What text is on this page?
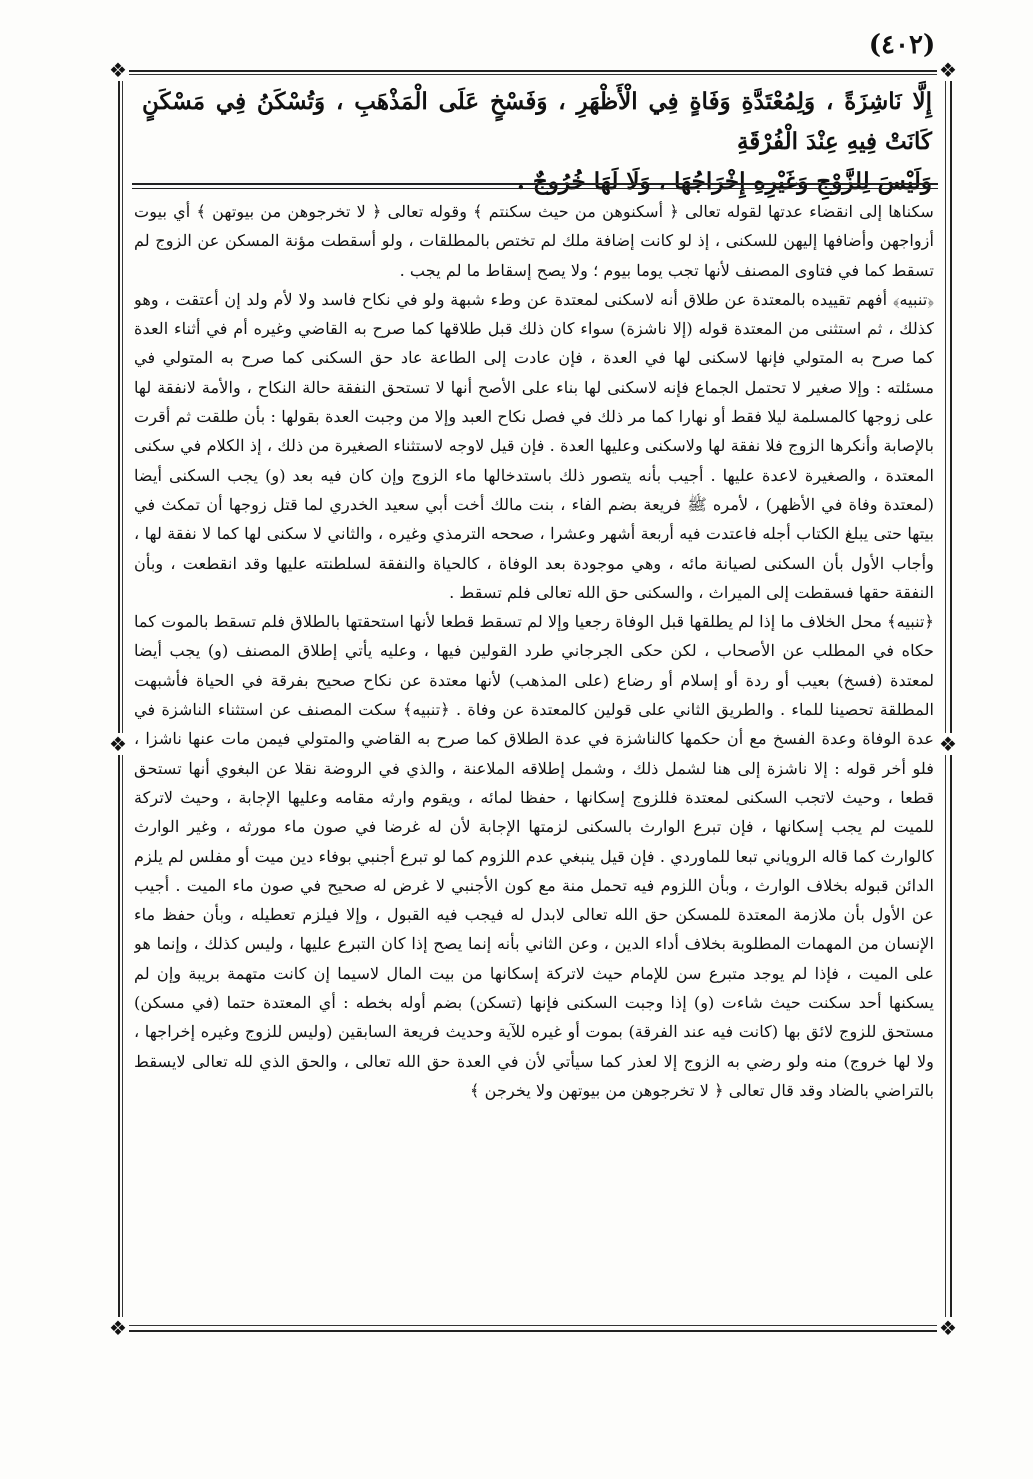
❖	❖
❖	❖
❖	❖
(٤٠٢)

إِلَّا نَاشِزَةً ، وَلِمُعْتَدَّةِ وَفَاةٍ فِي الْأَظْهَرِ ، وَفَسْخٍ عَلَى الْمَذْهَبِ ، وَتُسْكَنُ فِي مَسْكَنٍ كَانَتْ فِيهِ عِنْدَ الْفُرْقَةِ

وَلَيْسَ لِلزَّوْجِ وَغَيْرِهِ إِخْرَاجُهَا ، وَلَا لَهَا خُرُوجٌ .

سكناها إلى انقضاء عدتها لقوله تعالى ﴿ أسكنوهن من حيث سكنتم ﴾ وقوله تعالى ﴿ لا تخرجوهن من بيوتهن ﴾ أي بيوت أزواجهن وأضافها إليهن للسكنى ، إذ لو كانت إضافة ملك لم تختص بالمطلقات ، ولو أسقطت مؤنة المسكن عن الزوج لم تسقط كما في فتاوى المصنف لأنها تجب يوما بيوم ؛ ولا يصح إسقاط ما لم يجب .

﴿تنبيه﴾ أفهم تقييده بالمعتدة عن طلاق أنه لاسكنى لمعتدة عن وطء شبهة ولو في نكاح فاسد ولا لأم ولد إن أعتقت ، وهو كذلك ، ثم استثنى من المعتدة قوله (إلا ناشزة) سواء كان ذلك قبل طلاقها كما صرح به القاضي وغيره أم في أثناء العدة كما صرح به المتولي فإنها لاسكنى لها في العدة ، فإن عادت إلى الطاعة عاد حق السكنى كما صرح به المتولي في مسئلته : وإلا صغير لا تحتمل الجماع فإنه لاسكنى لها بناء على الأصح أنها لا تستحق النفقة حالة النكاح ، والأمة لانفقة لها على زوجها كالمسلمة ليلا فقط أو نهارا كما مر ذلك في فصل نكاح العبد وإلا من وجبت العدة بقولها : بأن طلقت ثم أقرت بالإصابة وأنكرها الزوج فلا نفقة لها ولاسكنى وعليها العدة . فإن قيل لاوجه لاستثناء الصغيرة من ذلك ، إذ الكلام في سكنى المعتدة ، والصغيرة لاعدة عليها . أجيب بأنه يتصور ذلك باستدخالها ماء الزوج وإن كان فيه بعد (و) يجب السكنى أيضا (لمعتدة وفاة في الأظهر) ، لأمره ﷺ فريعة بضم الفاء ، بنت مالك أخت أبي سعيد الخدري لما قتل زوجها أن تمكث في بيتها حتى يبلغ الكتاب أجله فاعتدت فيه أربعة أشهر وعشرا ، صححه الترمذي وغيره ، والثاني لا سكنى لها كما لا نفقة لها ، وأجاب الأول بأن السكنى لصيانة مائه ، وهي موجودة بعد الوفاة ، كالحياة والنفقة لسلطنته عليها وقد انقطعت ، وبأن النفقة حقها فسقطت إلى الميراث ، والسكنى حق الله تعالى فلم تسقط .

﴿تنبيه﴾ محل الخلاف ما إذا لم يطلقها قبل الوفاة رجعيا وإلا لم تسقط قطعا لأنها استحقتها بالطلاق فلم تسقط بالموت كما حكاه في المطلب عن الأصحاب ، لكن حكى الجرجاني طرد القولين فيها ، وعليه يأتي إطلاق المصنف (و) يجب أيضا لمعتدة (فسخ) بعيب أو ردة أو إسلام أو رضاع (على المذهب) لأنها معتدة عن نكاح صحيح بفرقة في الحياة فأشبهت المطلقة تحصينا للماء . والطريق الثاني على قولين كالمعتدة عن وفاة . ﴿تنبيه﴾ سكت المصنف عن استثناء الناشزة في عدة الوفاة وعدة الفسخ مع أن حكمها كالناشزة في عدة الطلاق كما صرح به القاضي والمتولي فيمن مات عنها ناشزا ، فلو أخر قوله : إلا ناشزة إلى هنا لشمل ذلك ، وشمل إطلاقه الملاعنة ، والذي في الروضة نقلا عن البغوي أنها تستحق قطعا ، وحيث لاتجب السكنى لمعتدة فللزوج إسكانها ، حفظا لمائه ، ويقوم وارثه مقامه وعليها الإجابة ، وحيث لاتركة للميت لم يجب إسكانها ، فإن تبرع الوارث بالسكنى لزمتها الإجابة لأن له غرضا في صون ماء مورثه ، وغير الوارث كالوارث كما قاله الروياني تبعا للماوردي . فإن قيل ينبغي عدم اللزوم كما لو تبرع أجنبي بوفاء دين ميت أو مفلس لم يلزم الدائن قبوله بخلاف الوارث ، وبأن اللزوم فيه تحمل منة مع كون الأجنبي لا غرض له صحيح في صون ماء الميت . أجيب عن الأول بأن ملازمة المعتدة للمسكن حق الله تعالى لابدل له فيجب فيه القبول ، وإلا فيلزم تعطيله ، وبأن حفظ ماء الإنسان من المهمات المطلوبة بخلاف أداء الدين ، وعن الثاني بأنه إنما يصح إذا كان التبرع عليها ، وليس كذلك ، وإنما هو على الميت ، فإذا لم يوجد متبرع سن للإمام حيث لاتركة إسكانها من بيت المال لاسيما إن كانت متهمة بريبة وإن لم يسكنها أحد سكنت حيث شاءت (و) إذا وجبت السكنى فإنها (تسكن) بضم أوله بخطه : أي المعتدة حتما (في مسكن) مستحق للزوج لائق بها (كانت فيه عند الفرقة) بموت أو غيره للآية وحديث فريعة السابقين (وليس للزوج وغيره إخراجها ، ولا لها خروج) منه ولو رضي به الزوج إلا لعذر كما سيأتي لأن في العدة حق الله تعالى ، والحق الذي لله تعالى لايسقط بالتراضي بالضاد وقد قال تعالى ﴿ لا تخرجوهن من بيوتهن ولا يخرجن ﴾
